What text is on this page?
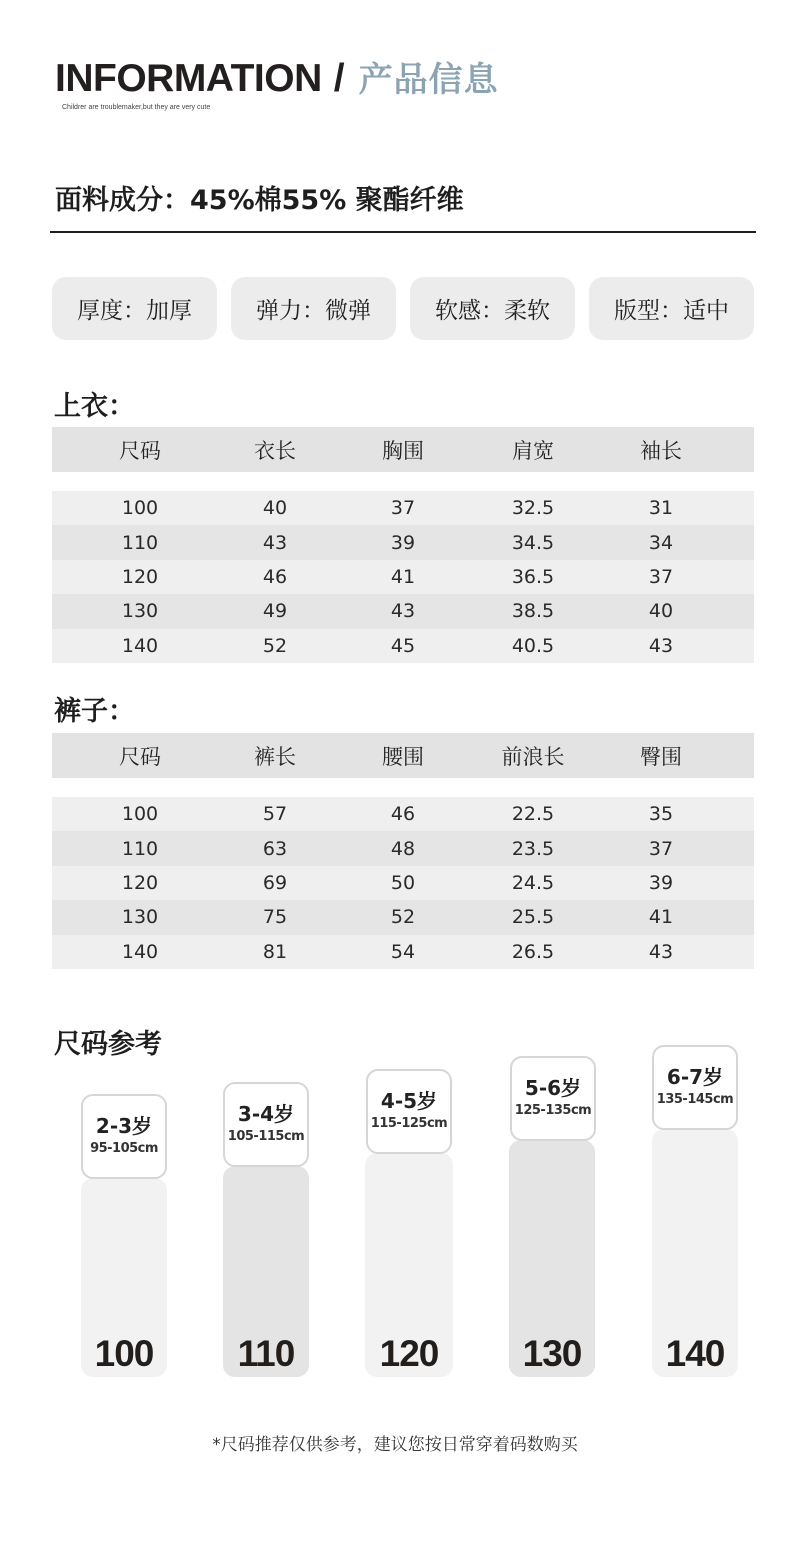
INFORMATION / 产品信息
Childrer are troublemaker,but they are very cute
面料成分：45%棉55% 聚酯纤维
厚度：加厚	弹力：微弹	软感：柔软	版型：适中
上衣：
尺码	衣长	胸围	肩宽	袖长
100	40	37	32.5	31
110	43	39	34.5	34
120	46	41	36.5	37
130	49	43	38.5	40
140	52	45	40.5	43
裤子：
尺码	裤长	腰围	前浪长	臀围
100	57	46	22.5	35
110	63	48	23.5	37
120	69	50	24.5	39
130	75	52	25.5	41
140	81	54	26.5	43
尺码参考
100
2-3岁
95-105cm
110
3-4岁
105-115cm
120
4-5岁
115-125cm
130
5-6岁
125-135cm
140
6-7岁
135-145cm
*尺码推荐仅供参考，建议您按日常穿着码数购买
